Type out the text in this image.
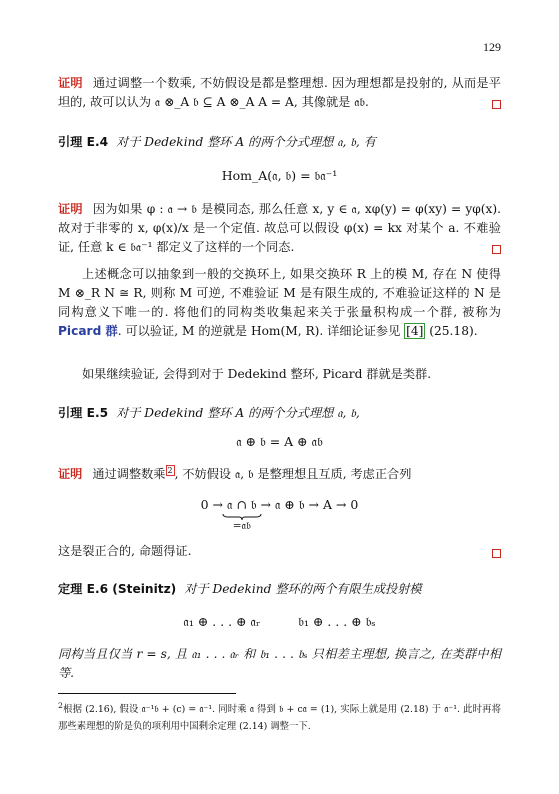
129
证明 通过调整一个数乘, 不妨假设是都是整理想. 因为理想都是投射的, 从而是平坦的, 故可以认为 𝔞 ⊗_A 𝔟 ⊆ A ⊗_A A = A, 其像就是 𝔞𝔟.
引理 E.4 对于 Dedekind 整环 A 的两个分式理想 𝔞, 𝔟, 有
Hom_A(𝔞, 𝔟) = 𝔟𝔞⁻¹
证明 因为如果 φ : 𝔞 → 𝔟 是模同态, 那么任意 x, y ∈ 𝔞, xφ(y) = φ(xy) = yφ(x). 故对于非零的 x, φ(x)/x 是一个定值. 故总可以假设 φ(x) = kx 对某个 a. 不难验证, 任意 k ∈ 𝔟𝔞⁻¹ 都定义了这样的一个同态.
上述概念可以抽象到一般的交换环上, 如果交换环 R 上的模 M, 存在 N 使得 M ⊗_R N ≅ R, 则称 M 可逆, 不难验证 M 是有限生成的, 不难验证这样的 N 是同构意义下唯一的. 将他们的同构类收集起来关于张量积构成一个群, 被称为Picard 群. 可以验证, M 的逆就是 Hom(M, R). 详细论证参见 [4] (25.18).
如果继续验证, 会得到对于 Dedekind 整环, Picard 群就是类群.
引理 E.5 对于 Dedekind 整环 A 的两个分式理想 𝔞, 𝔟,
𝔞 ⊕ 𝔟 = A ⊕ 𝔞𝔟
证明 通过调整数乘 $^2$ , 不妨假设 𝔞, 𝔟 是整理想且互质, 考虑正合列
0 → 𝔞 ∩ 𝔟
=𝔞𝔟
→ 𝔞 ⊕ 𝔟 → A → 0
这是裂正合的, 命题得证.
定理 E.6 (Steinitz) 对于 Dedekind 整环的两个有限生成投射模
𝔞₁ ⊕ . . . ⊕ 𝔞ᵣ	𝔟₁ ⊕ . . . ⊕ 𝔟ₛ
同构当且仅当 r = s, 且 𝔞₁ . . . 𝔞ᵣ 和 𝔟₁ . . . 𝔟ₛ 只相差主理想, 换言之, 在类群中相等.
$^2$根据 (2.16), 假设 𝔞⁻¹𝔟 + (c) = 𝔞⁻¹. 同时乘 𝔞 得到 𝔟 + c𝔞 = (1), 实际上就是用 (2.18) 于 𝔞⁻¹. 此时再将那些素理想的阶是负的项利用中国剩余定理 (2.14) 调整一下.
